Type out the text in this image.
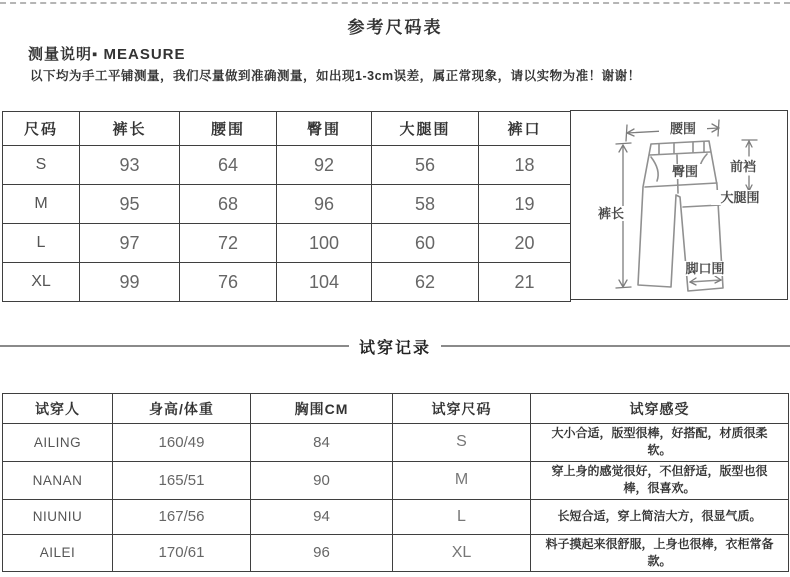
参考尺码表
测量说明▪ MEASURE
以下均为手工平铺测量，我们尽量做到准确测量，如出现1-3cm误差，属正常现象，请以实物为准！谢谢！
尺码	裤长	腰围	臀围	大腿围	裤口
S	93	64	92	56	18
M	95	68	96	58	19
L	97	72	100	60	20
XL	99	76	104	62	21
腰围
臀围	前裆
大腿围
裤长
脚口围
试穿记录
试穿人	身高/体重	胸围CM	试穿尺码	试穿感受
AILING	160/49	84	S	大小合适，版型很棒，好搭配，材质很柔软。
NANAN	165/51	90	M	穿上身的感觉很好，不但舒适，版型也很棒，很喜欢。
NIUNIU	167/56	94	L	长短合适，穿上简洁大方，很显气质。
AILEI	170/61	96	XL	料子摸起来很舒服，上身也很棒，衣柜常备款。
